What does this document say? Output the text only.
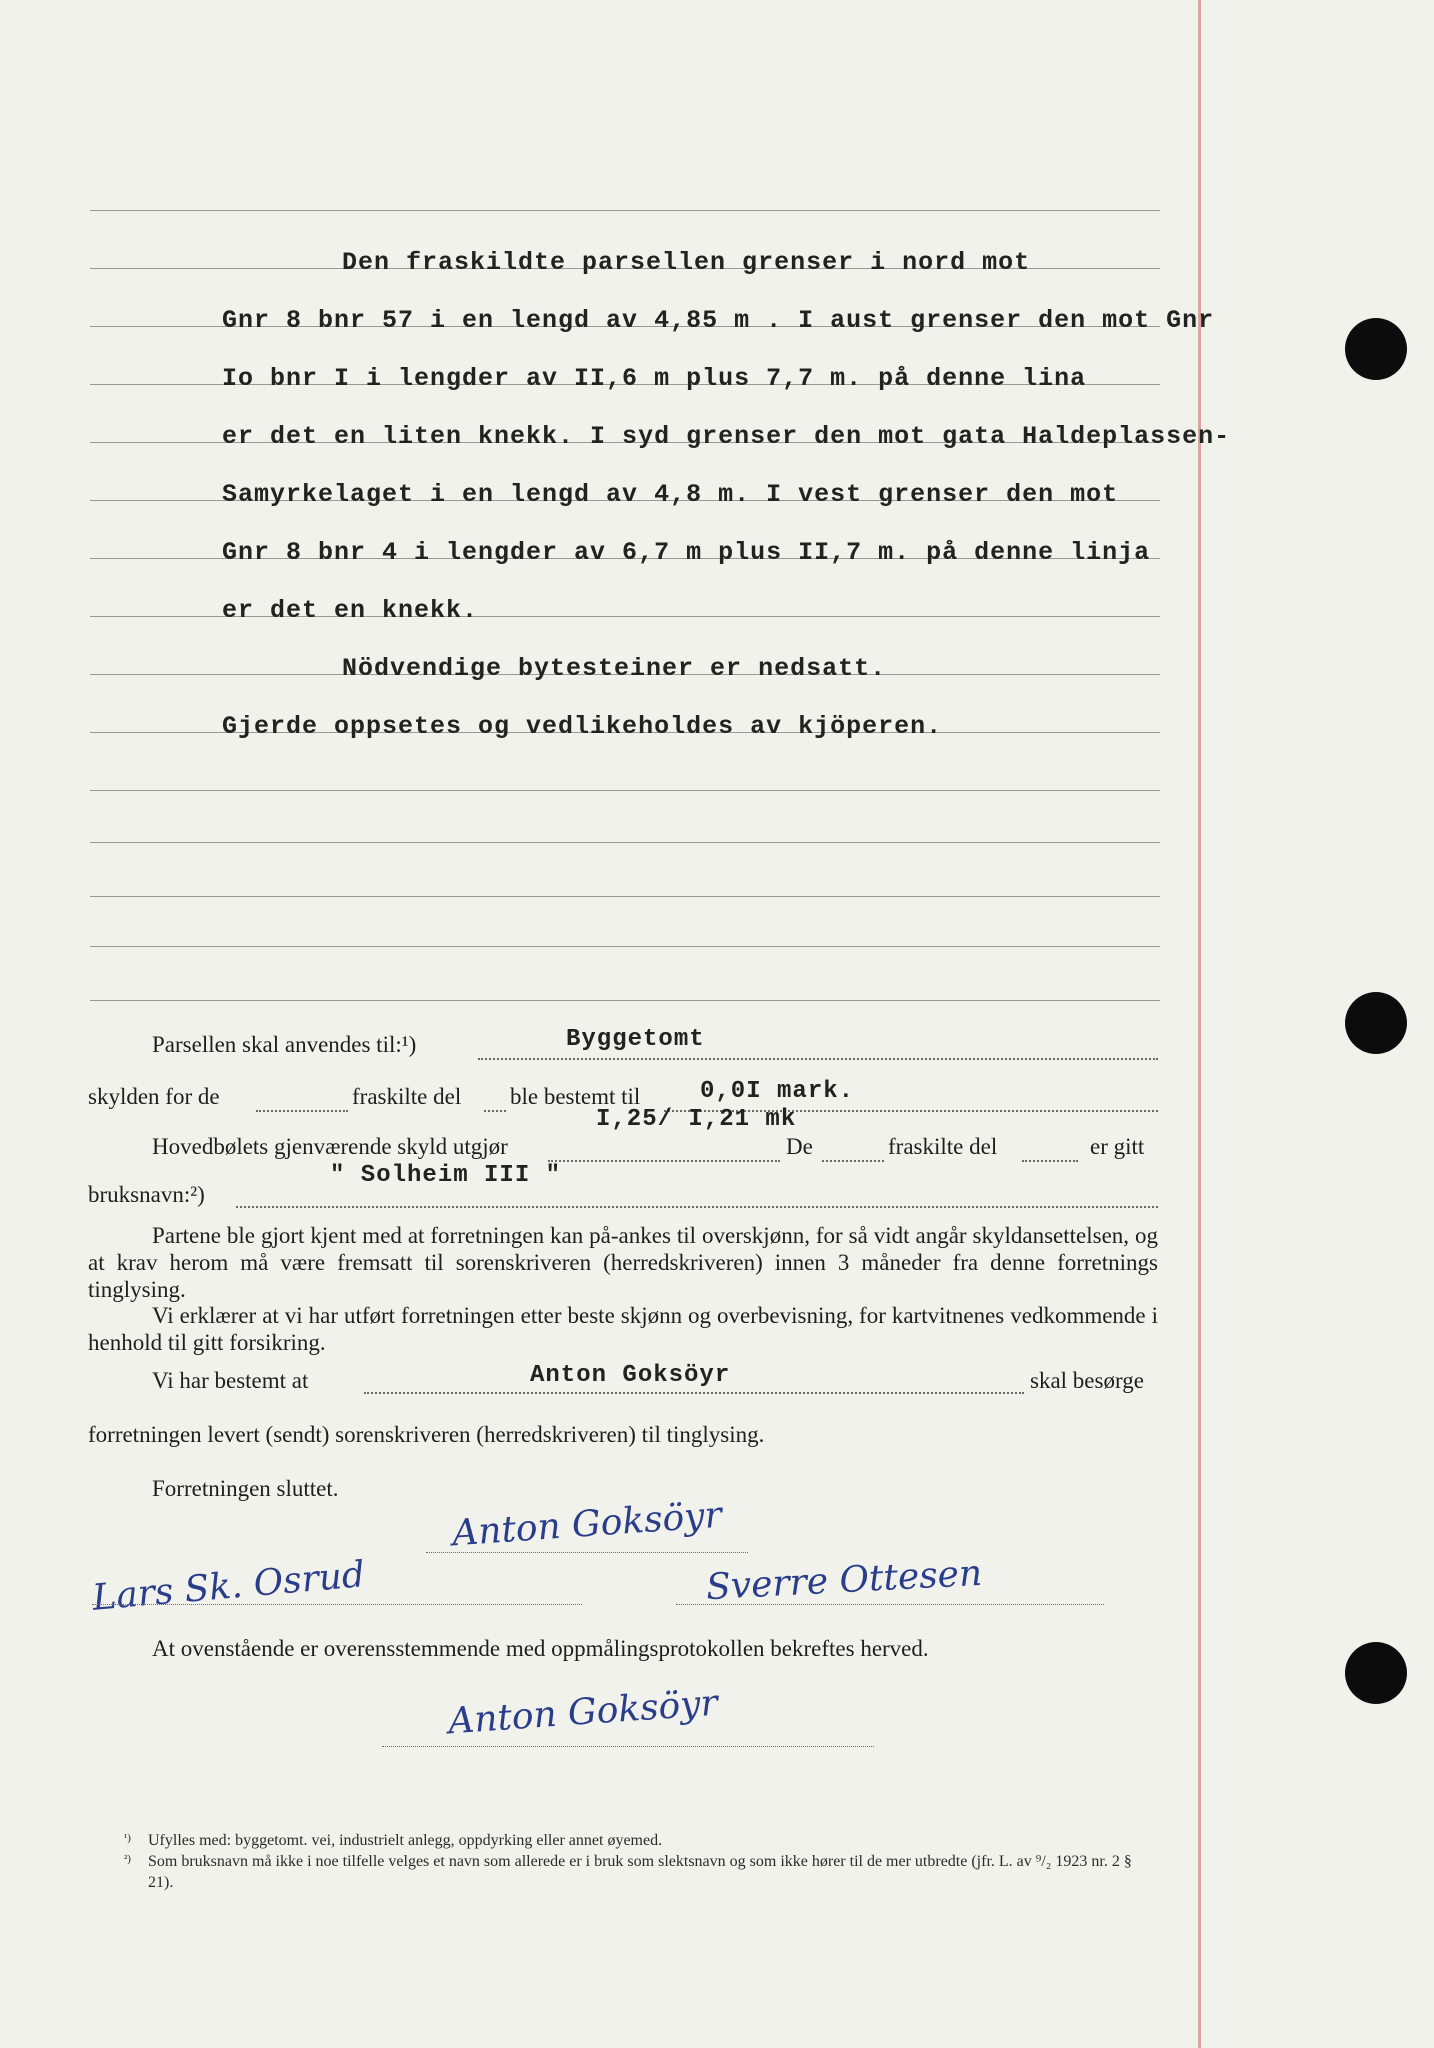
Den fraskildte parsellen grenser i nord mot
Gnr 8 bnr 57 i en lengd av 4,85 m . I aust grenser den mot Gnr
Io bnr I i lengder av II,6 m plus 7,7 m. på denne lina
er det en liten knekk. I syd grenser den mot gata Haldeplassen-
Samyrkelaget i en lengd av 4,8 m. I vest grenser den mot
Gnr 8 bnr 4 i lengder av 6,7 m plus II,7 m. på denne linja
er det en knekk.
Nödvendige bytesteiner er nedsatt.
Gjerde oppsetes og vedlikeholdes av kjöperen.
Parsellen skal anvendes til:¹)	Byggetomt
skylden for de	fraskilte del ble bestemt til 0,0I mark.
I,25/ I,21 mk
Hovedbølets gjenværende skyld utgjør	De	fraskilte del	er gitt
bruksnavn:²)
" Solheim III "
Partene ble gjort kjent med at forretningen kan på-ankes til overskjønn, for så vidt angår skyldansettelsen, og at krav herom må være fremsatt til sorenskriveren (herredskriveren) innen 3 måneder fra denne forretnings tinglysing.
Vi erklærer at vi har utført forretningen etter beste skjønn og overbevisning, for kartvitnenes vedkommende i henhold til gitt forsikring.
Vi har bestemt at	Anton Goksöyr	skal besørge
forretningen levert (sendt) sorenskriveren (herredskriveren) til tinglysing.
Forretningen sluttet.
Anton Goksöyr
Lars Sk. Osrud	Sverre Ottesen
At ovenstående er overensstemmende med oppmålingsprotokollen bekreftes herved.
Anton Goksöyr
¹) Ufylles med: byggetomt. vei, industrielt anlegg, oppdyrking eller annet øyemed.
²) Som bruksnavn må ikke i noe tilfelle velges et navn som allerede er i bruk som slektsnavn og som ikke hører til de mer utbredte (jfr. L. av ⁹/₂ 1923 nr. 2 § 21).
